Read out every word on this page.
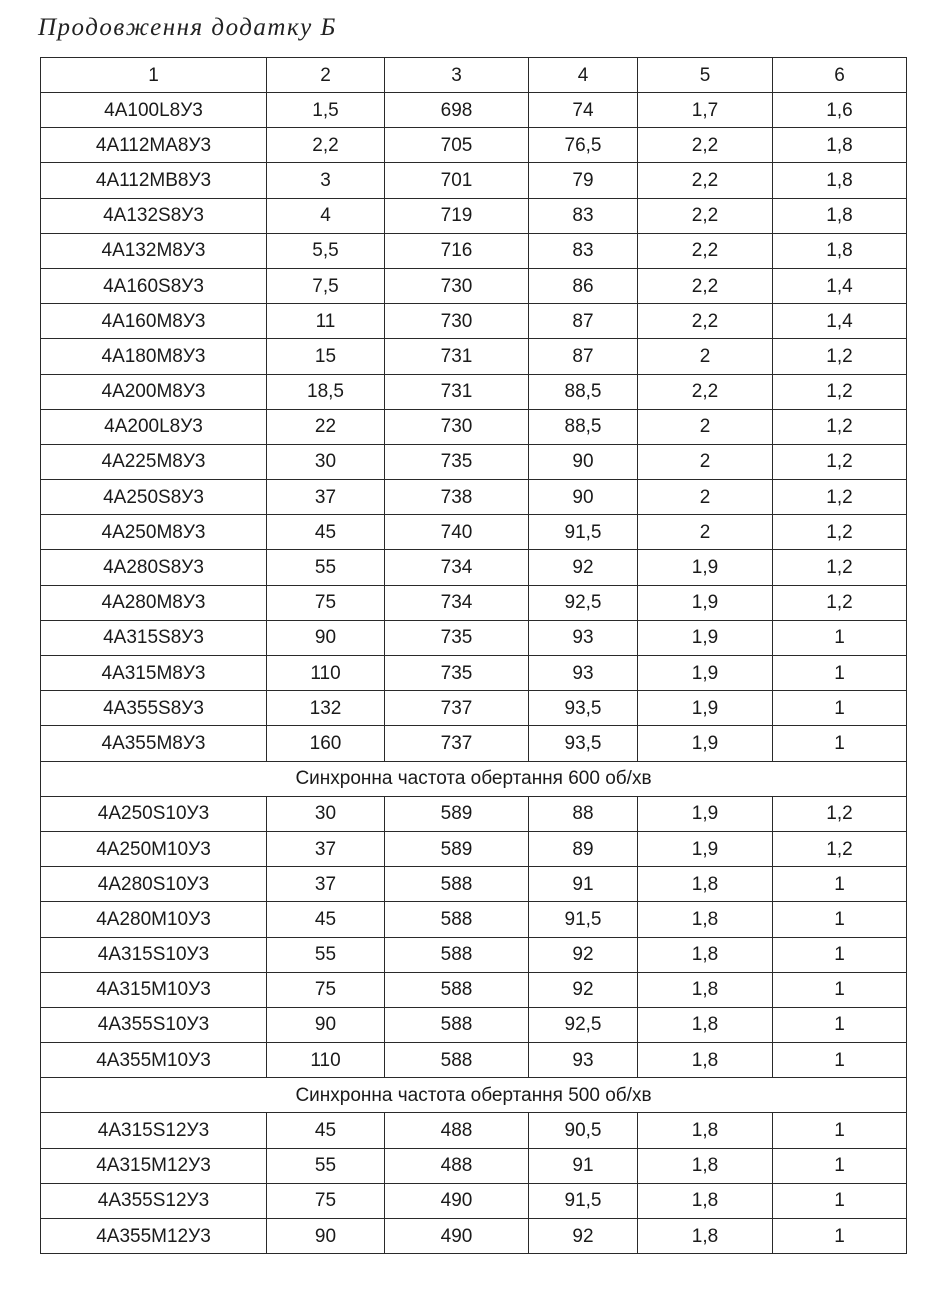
Продовження додатку Б
1	2	3	4	5	6
4A100L8У3	1,5	698	74	1,7	1,6
4A112MA8У3	2,2	705	76,5	2,2	1,8
4A112MB8У3	3	701	79	2,2	1,8
4A132S8У3	4	719	83	2,2	1,8
4A132M8У3	5,5	716	83	2,2	1,8
4A160S8У3	7,5	730	86	2,2	1,4
4A160M8У3	11	730	87	2,2	1,4
4A180M8У3	15	731	87	2	1,2
4A200M8У3	18,5	731	88,5	2,2	1,2
4A200L8У3	22	730	88,5	2	1,2
4A225M8У3	30	735	90	2	1,2
4A250S8У3	37	738	90	2	1,2
4A250M8У3	45	740	91,5	2	1,2
4A280S8У3	55	734	92	1,9	1,2
4A280M8У3	75	734	92,5	1,9	1,2
4A315S8У3	90	735	93	1,9	1
4A315M8У3	110	735	93	1,9	1
4A355S8У3	132	737	93,5	1,9	1
4A355M8У3	160	737	93,5	1,9	1
Синхронна частота обертання 600 об/хв					
4A250S10У3	30	589	88	1,9	1,2
4A250M10У3	37	589	89	1,9	1,2
4A280S10У3	37	588	91	1,8	1
4A280M10У3	45	588	91,5	1,8	1
4A315S10У3	55	588	92	1,8	1
4A315M10У3	75	588	92	1,8	1
4A355S10У3	90	588	92,5	1,8	1
4A355M10У3	110	588	93	1,8	1
Синхронна частота обертання 500 об/хв					
4A315S12У3	45	488	90,5	1,8	1
4A315M12У3	55	488	91	1,8	1
4A355S12У3	75	490	91,5	1,8	1
4A355M12У3	90	490	92	1,8	1
